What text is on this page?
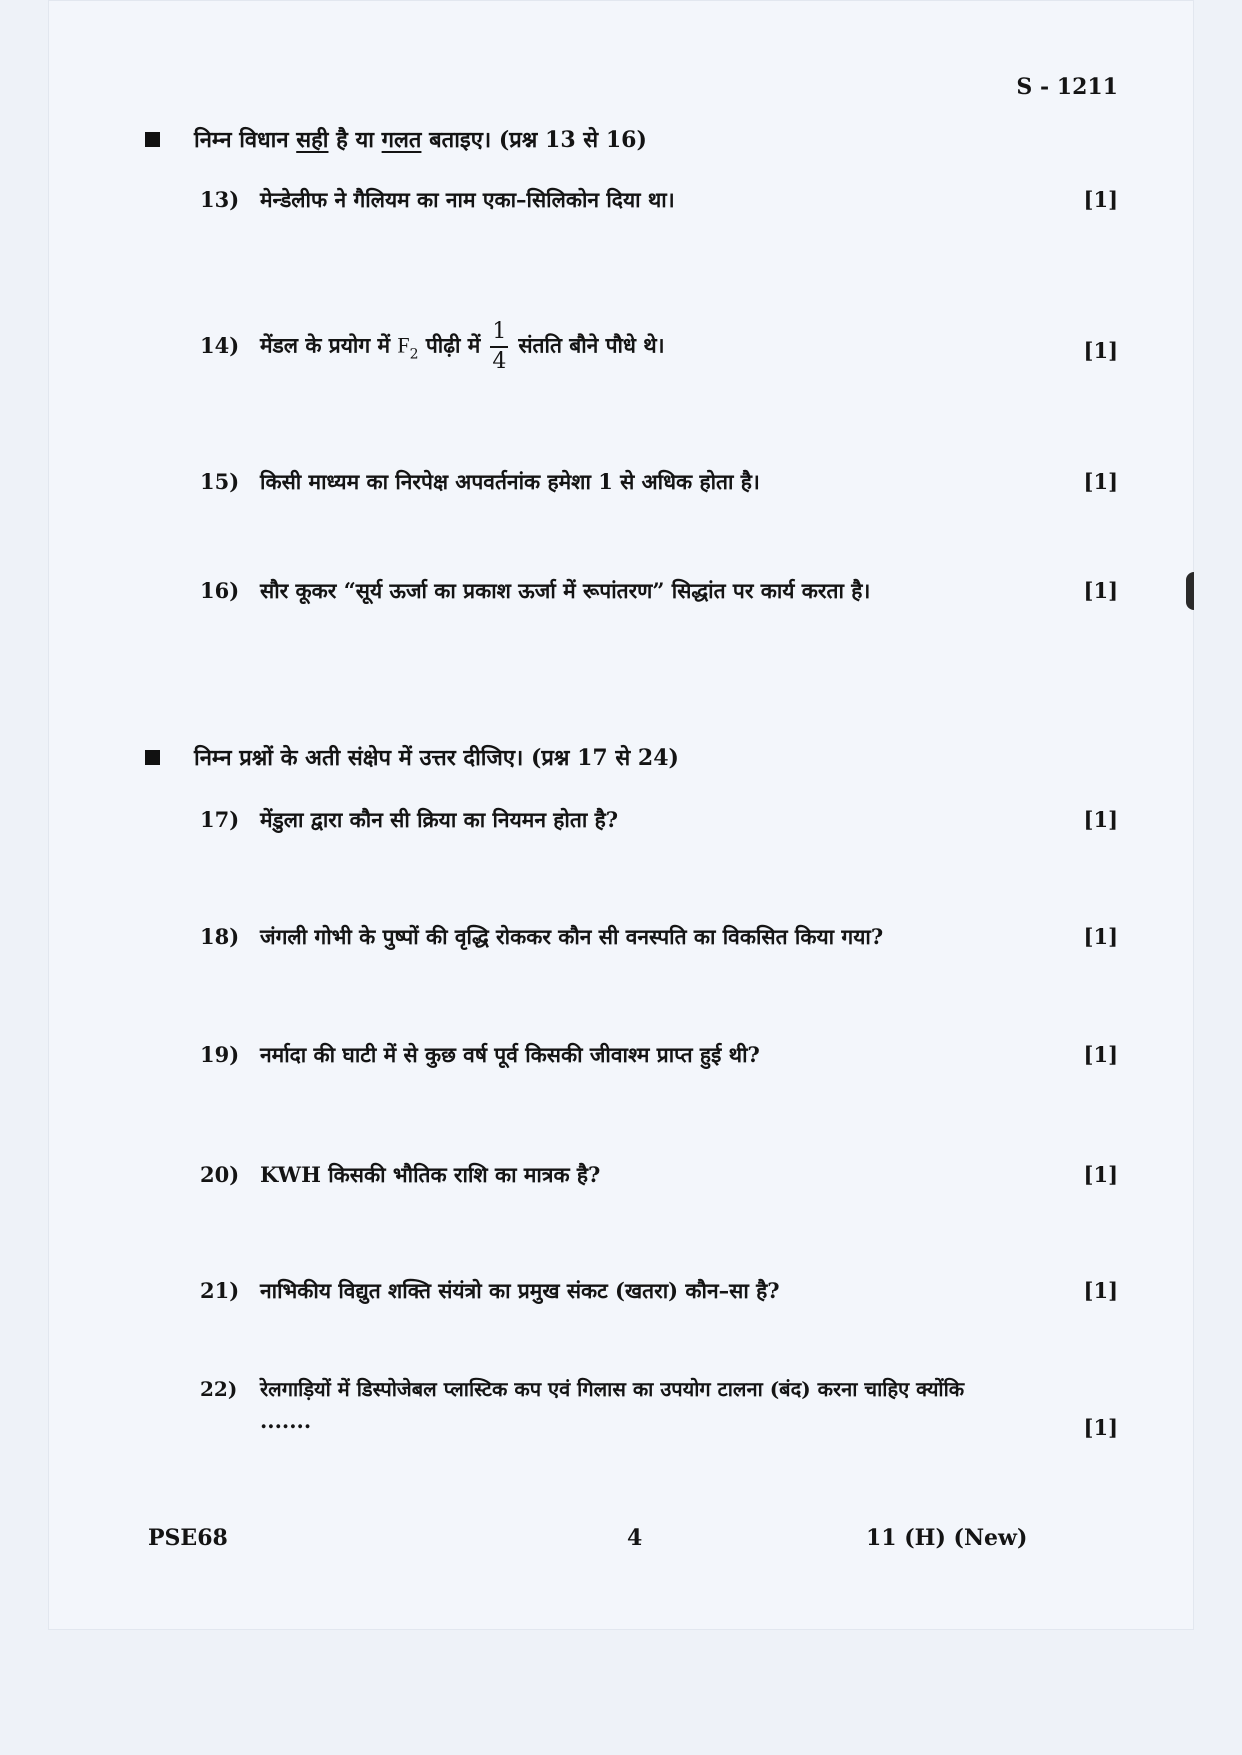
S - 1211
निम्न विधान सही है या गलत बताइए। (प्रश्न 13 से 16)
13) मेन्डेलीफ ने गैलियम का नाम एका–सिलिकोन दिया था।	[1]
14) मेंडल के प्रयोग में $F_2$ पीढ़ी में $\frac{1}{4}$ संतति बौने पौधे थे।	[1]
15) किसी माध्यम का निरपेक्ष अपवर्तनांक हमेशा 1 से अधिक होता है।	[1]
16) सौर कूकर “सूर्य ऊर्जा का प्रकाश ऊर्जा में रूपांतरण” सिद्धांत पर कार्य करता है।	[1]
निम्न प्रश्नों के अती संक्षेप में उत्तर दीजिए। (प्रश्न 17 से 24)
17) मेंडुला द्वारा कौन सी क्रिया का नियमन होता है?	[1]
18) जंगली गोभी के पुष्पों की वृद्धि रोककर कौन सी वनस्पति का विकसित किया गया?	[1]
19) नर्मादा की घाटी में से कुछ वर्ष पूर्व किसकी जीवाश्म प्राप्त हुई थी?	[1]
20) KWH किसकी भौतिक राशि का मात्रक है?	[1]
21) नाभिकीय विद्युत शक्ति संयंत्रो का प्रमुख संकट (खतरा) कौन–सा है?	[1]
22) रेलगाड़ियों में डिस्पोजेबल प्लास्टिक कप एवं गिलास का उपयोग टालना (बंद) करना चाहिए क्योंकि
.......	[1]
PSE68	4	11 (H) (New)
